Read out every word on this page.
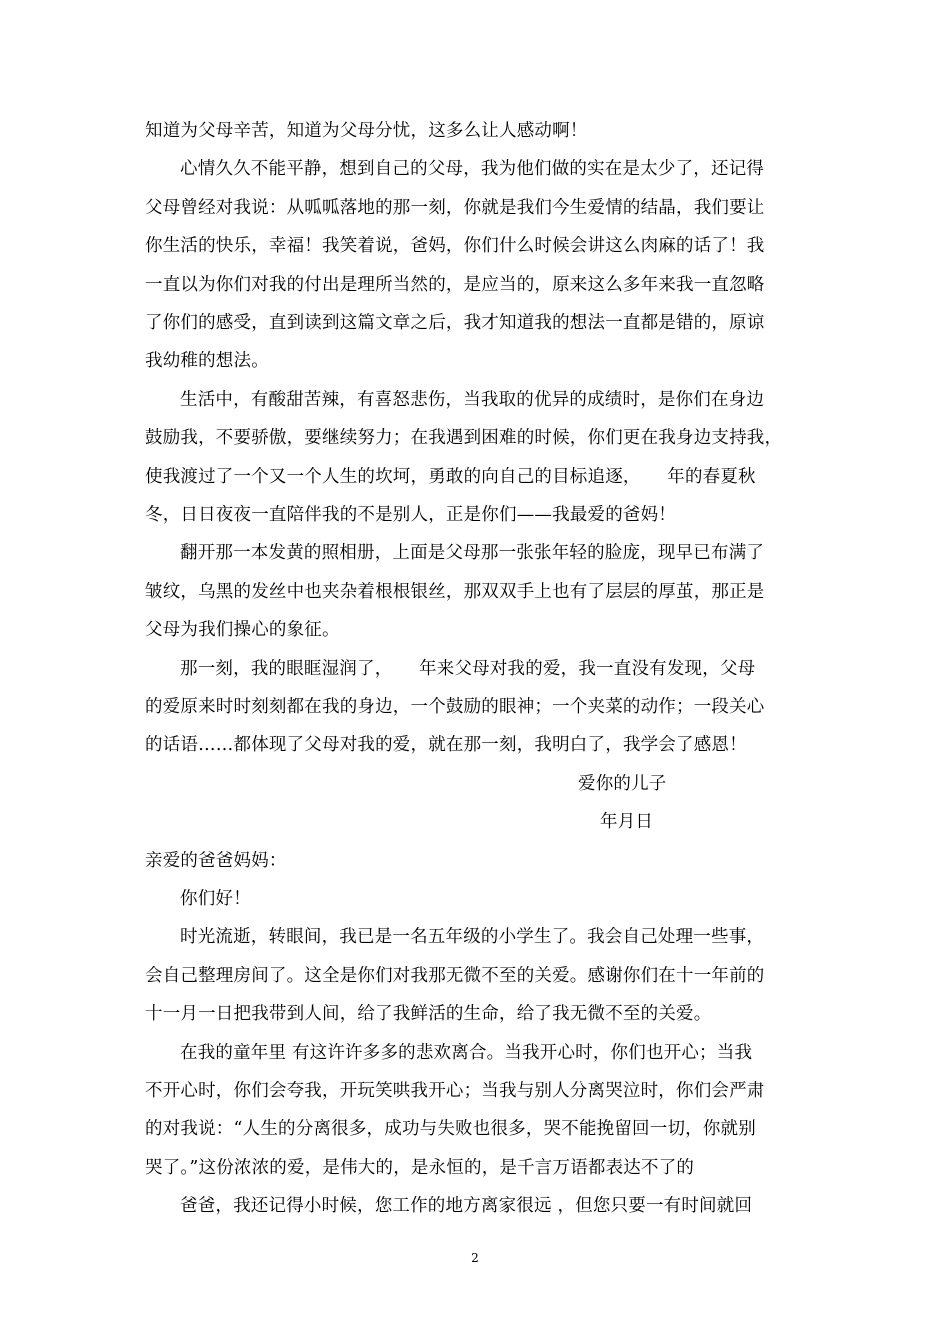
知道为父母辛苦，知道为父母分忧，这多么让人感动啊！
心情久久不能平静，想到自己的父母，我为他们做的实在是太少了，还记得
父母曾经对我说：从呱呱落地的那一刻，你就是我们今生爱情的结晶，我们要让
你生活的快乐，幸福！我笑着说，爸妈，你们什么时候会讲这么肉麻的话了！我
一直以为你们对我的付出是理所当然的，是应当的，原来这么多年来我一直忽略
了你们的感受，直到读到这篇文章之后，我才知道我的想法一直都是错的，原谅
我幼稚的想法。
生活中，有酸甜苦辣，有喜怒悲伤，当我取的优异的成绩时，是你们在身边
鼓励我，不要骄傲，要继续努力；在我遇到困难的时候，你们更在我身边支持我，
使我渡过了一个又一个人生的坎坷，勇敢的向自己的目标追逐，　　年的春夏秋
冬，日日夜夜一直陪伴我的不是别人，正是你们——我最爱的爸妈！
翻开那一本发黄的照相册，上面是父母那一张张年轻的脸庞，现早已布满了
皱纹，乌黑的发丝中也夹杂着根根银丝，那双双手上也有了层层的厚茧，那正是
父母为我们操心的象征。
那一刻，我的眼眶湿润了，　　年来父母对我的爱，我一直没有发现，父母
的爱原来时时刻刻都在我的身边，一个鼓励的眼神；一个夹菜的动作；一段关心
的话语……都体现了父母对我的爱，就在那一刻，我明白了，我学会了感恩！
爱你的儿子
年月日
亲爱的爸爸妈妈：
你们好！
时光流逝，转眼间，我已是一名五年级的小学生了。我会自己处理一些事，
会自己整理房间了。这全是你们对我那无微不至的关爱。感谢你们在十一年前的
十一月一日把我带到人间，给了我鲜活的生命，给了我无微不至的关爱。
在我的童年里 有这许许多多的悲欢离合。当我开心时，你们也开心；当我
不开心时，你们会夸我，开玩笑哄我开心；当我与别人分离哭泣时，你们会严肃
的对我说：“人生的分离很多，成功与失败也很多，哭不能挽留回一切，你就别
哭了。”这份浓浓的爱，是伟大的，是永恒的，是千言万语都表达不了的
爸爸，我还记得小时候，您工作的地方离家很远 ，但您只要一有时间就回
2
